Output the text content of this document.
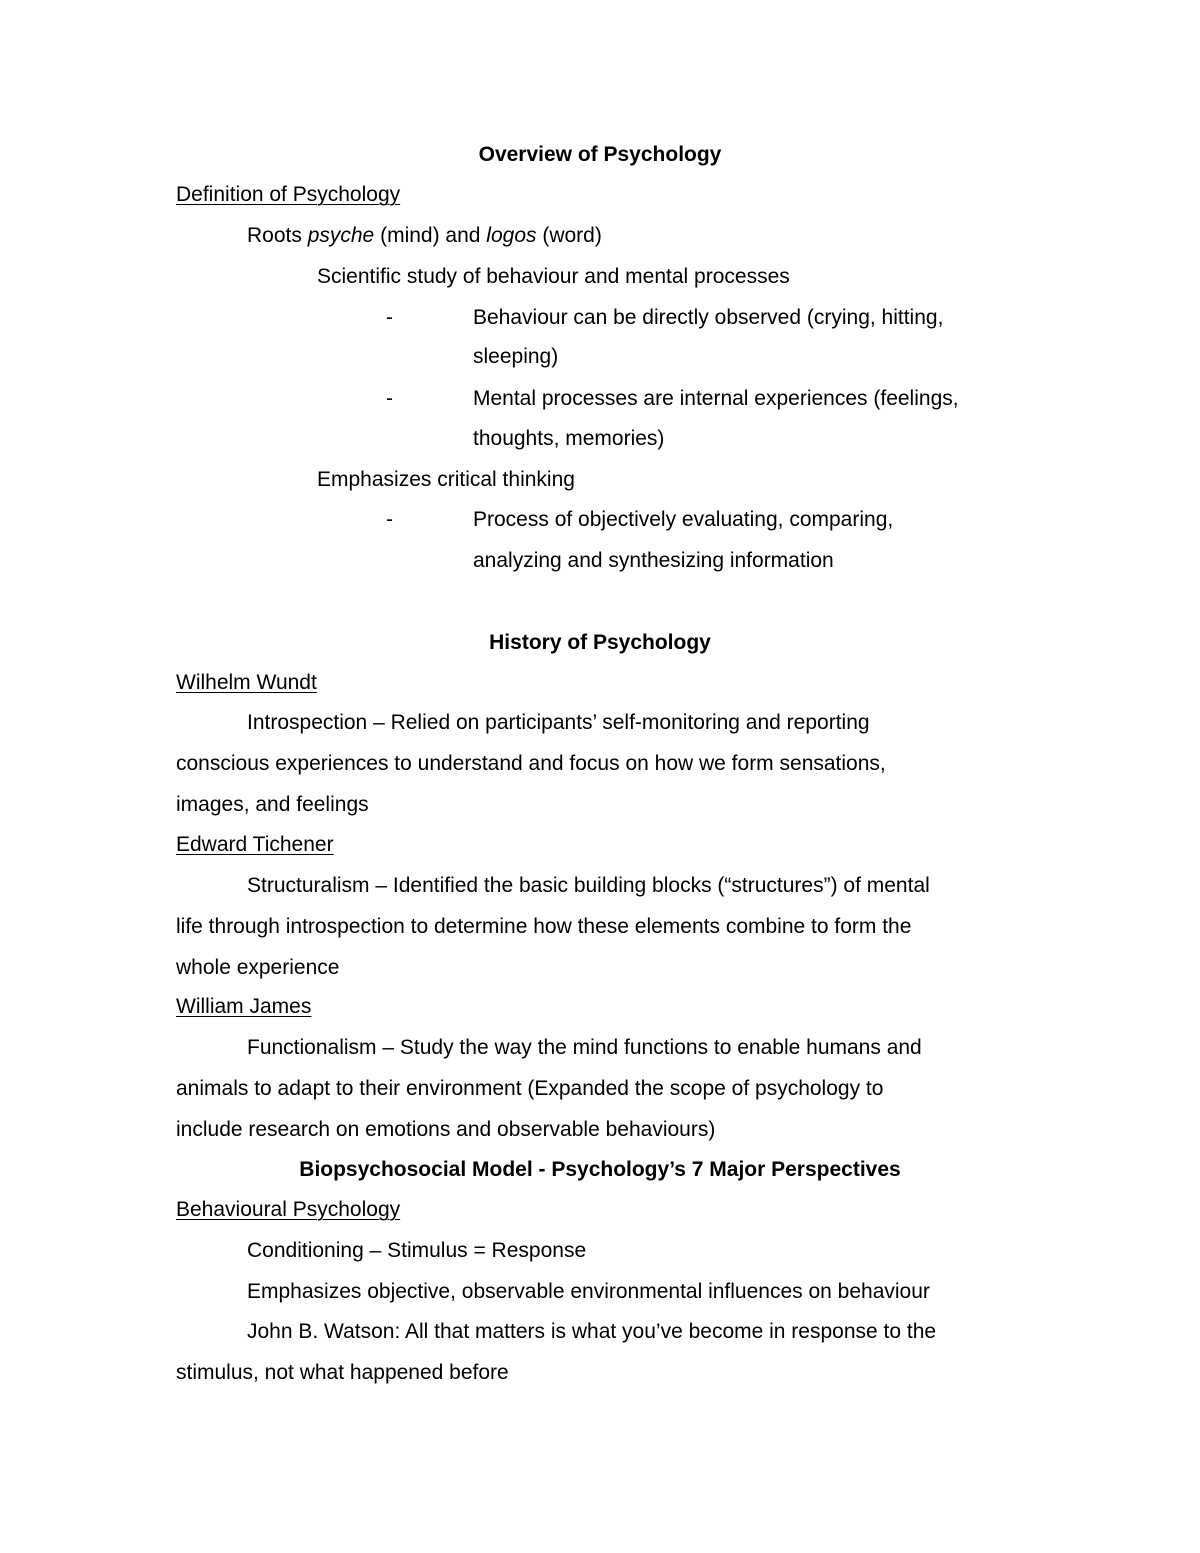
Overview of Psychology
Definition of Psychology
Roots psyche (mind) and logos (word)
Scientific study of behaviour and mental processes
-	Behaviour can be directly observed (crying, hitting,
sleeping)
-	Mental processes are internal experiences (feelings,
thoughts, memories)
Emphasizes critical thinking
-	Process of objectively evaluating, comparing,
analyzing and synthesizing information
History of Psychology
Wilhelm Wundt
Introspection – Relied on participants’ self-monitoring and reporting
conscious experiences to understand and focus on how we form sensations,
images, and feelings
Edward Tichener
Structuralism – Identified the basic building blocks (“structures”) of mental
life through introspection to determine how these elements combine to form the
whole experience
William James
Functionalism – Study the way the mind functions to enable humans and
animals to adapt to their environment (Expanded the scope of psychology to
include research on emotions and observable behaviours)
Biopsychosocial Model - Psychology’s 7 Major Perspectives
Behavioural Psychology
Conditioning – Stimulus = Response
Emphasizes objective, observable environmental influences on behaviour
John B. Watson: All that matters is what you’ve become in response to the
stimulus, not what happened before
